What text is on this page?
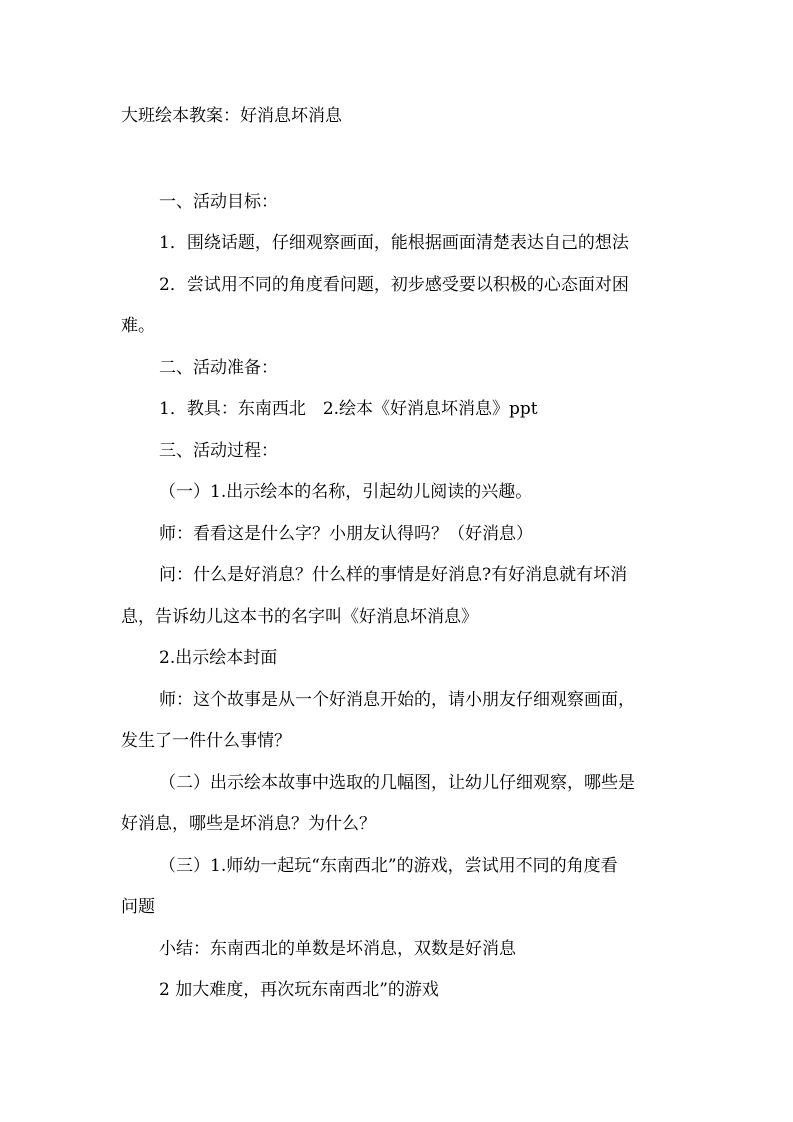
大班绘本教案：好消息坏消息

一、活动目标：

1．围绕话题，仔细观察画面，能根据画面清楚表达自己的想法

2．尝试用不同的角度看问题，初步感受要以积极的心态面对困

难。

二、活动准备：

1．教具：东南西北　2.绘本《好消息坏消息》ppt

三、活动过程：

（一）1.出示绘本的名称，引起幼儿阅读的兴趣。

师：看看这是什么字？小朋友认得吗？（好消息）

问：什么是好消息？什么样的事情是好消息?有好消息就有坏消

息，告诉幼儿这本书的名字叫《好消息坏消息》

2.出示绘本封面

师：这个故事是从一个好消息开始的，请小朋友仔细观察画面，

发生了一件什么事情？

（二）出示绘本故事中选取的几幅图，让幼儿仔细观察，哪些是

好消息，哪些是坏消息？为什么？

（三）1.师幼一起玩“东南西北”的游戏，尝试用不同的角度看

问题

小结：东南西北的单数是坏消息，双数是好消息

2 加大难度，再次玩东南西北”的游戏
